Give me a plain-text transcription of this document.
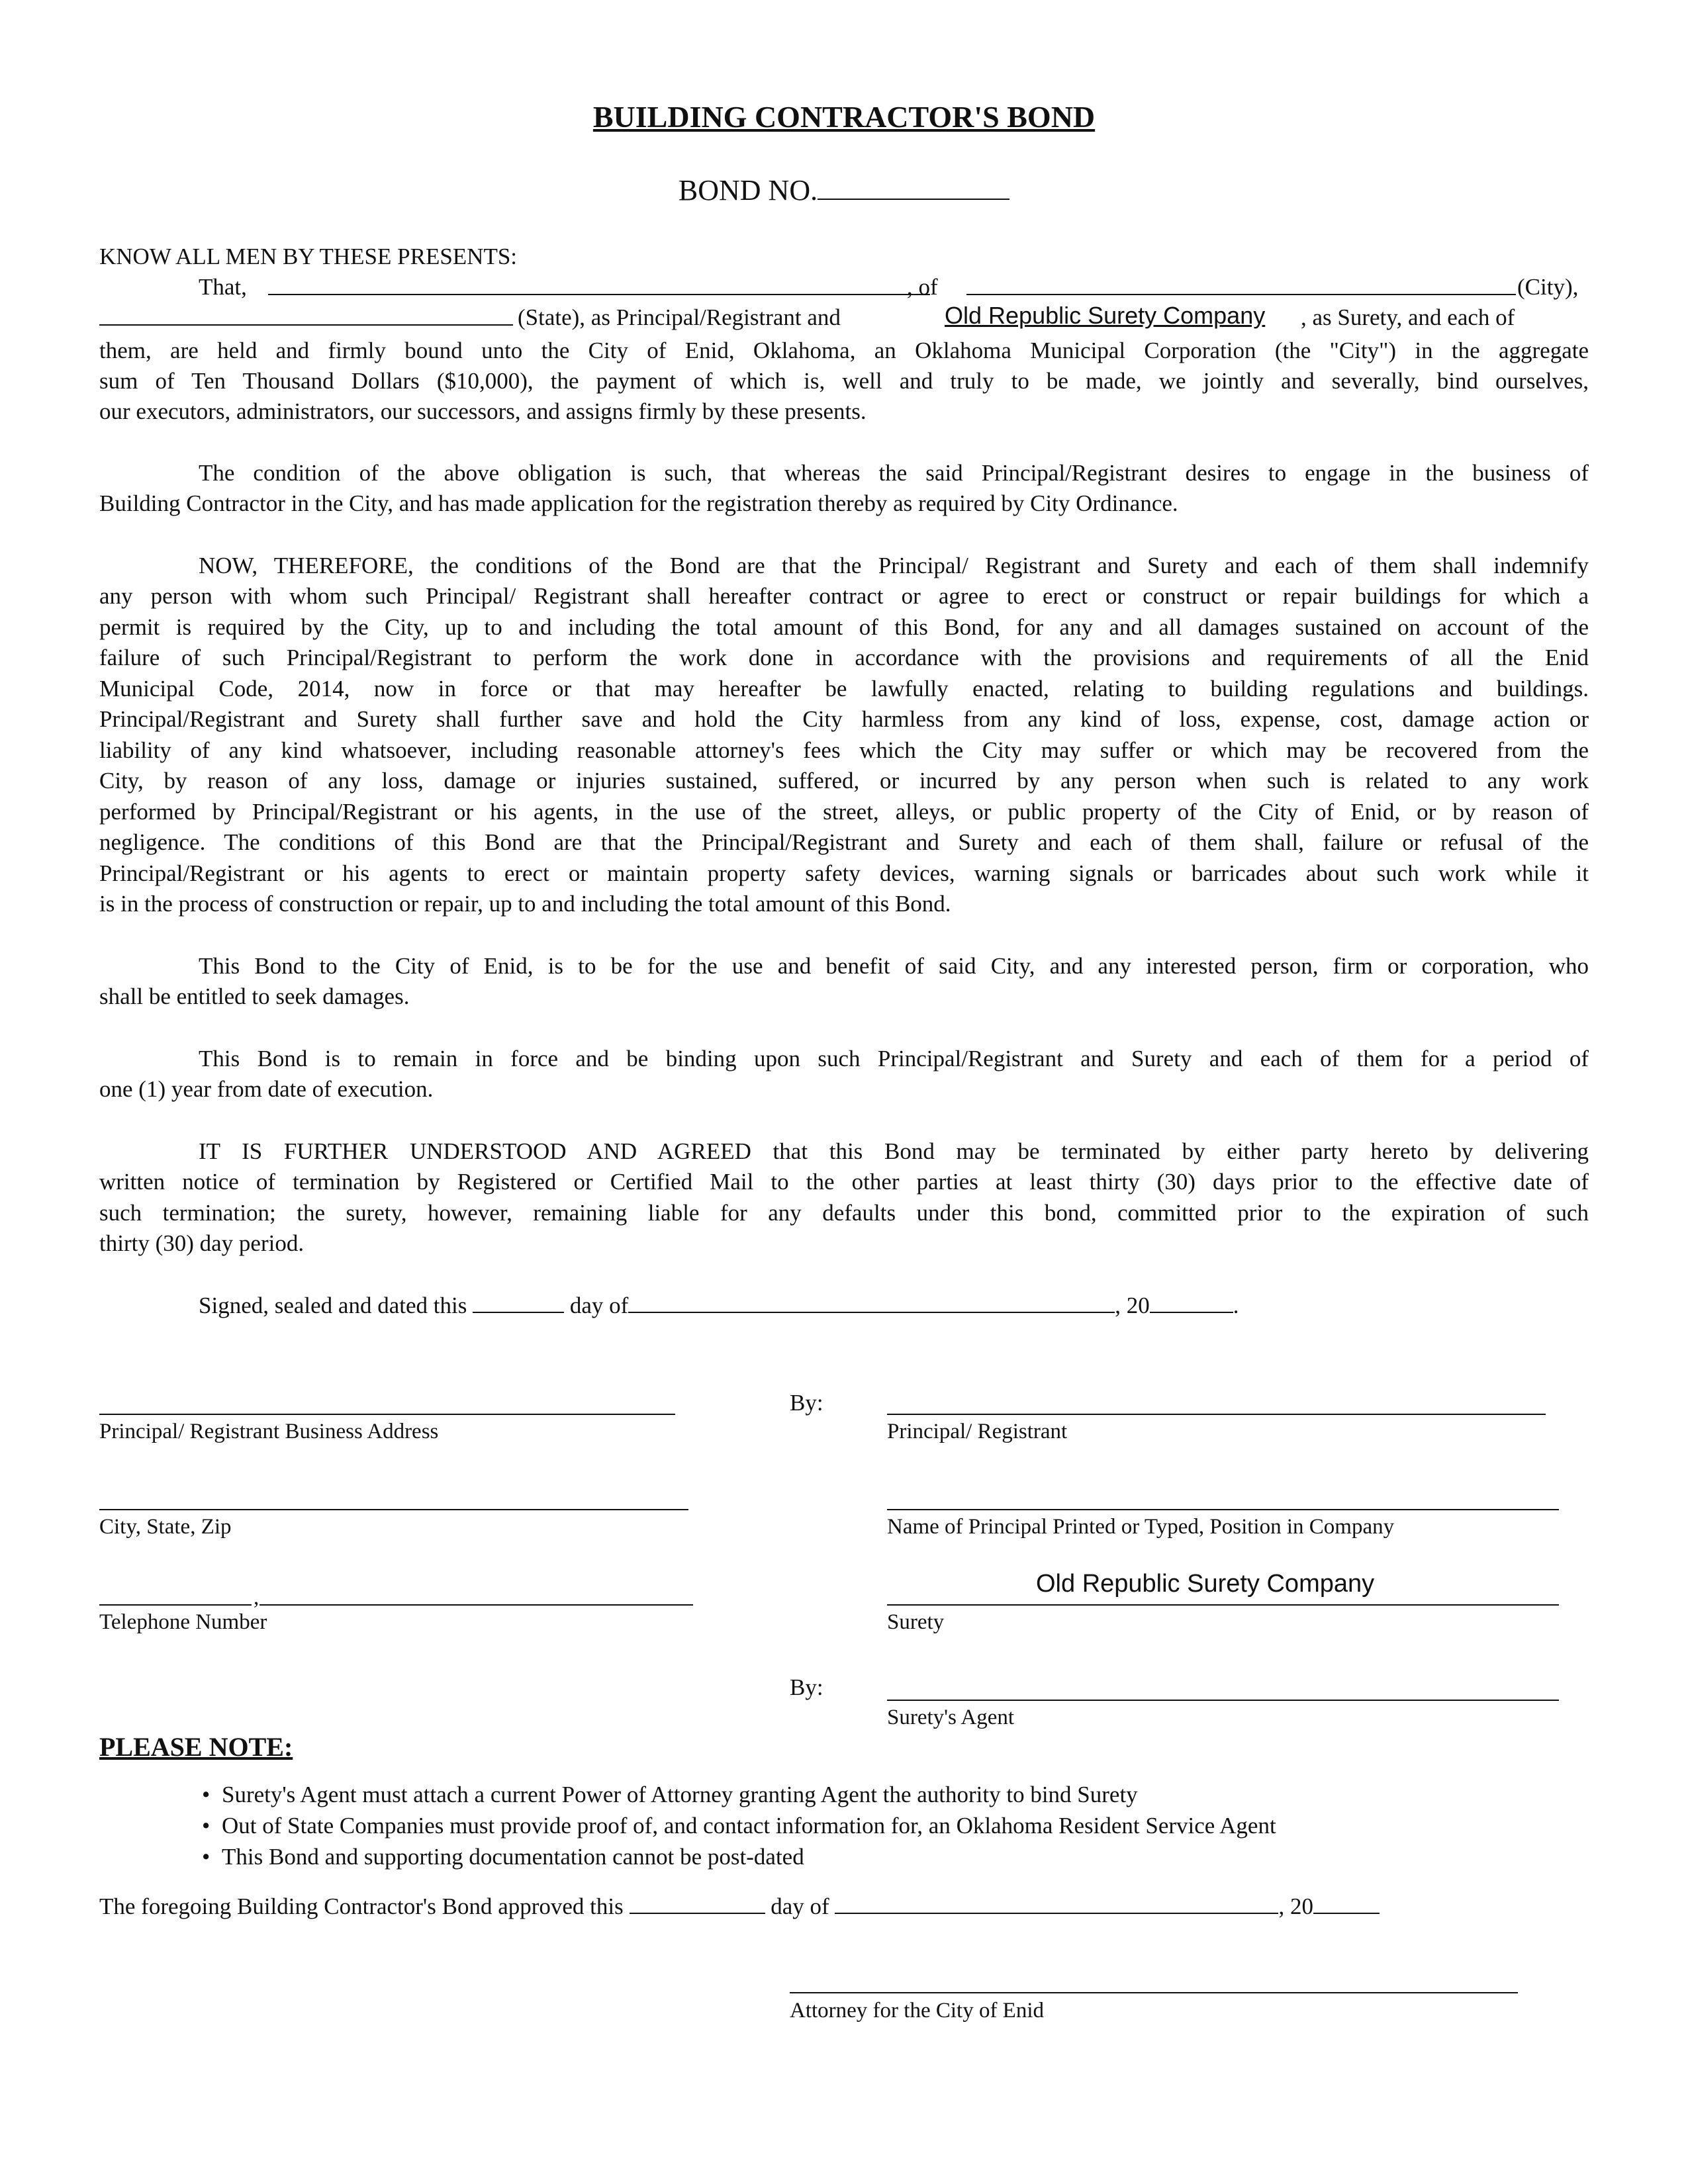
BUILDING CONTRACTOR'S BOND
BOND NO.
KNOW ALL MEN BY THESE PRESENTS:
That,	, of	(City),
(State), as Principal/Registrant and	Old Republic Surety Company , as Surety, and each of
them, are held and firmly bound unto the City of Enid, Oklahoma, an Oklahoma Municipal Corporation (the "City") in the aggregate
sum of Ten Thousand Dollars ($10,000), the payment of which is, well and truly to be made, we jointly and severally, bind ourselves,
our executors, administrators, our successors, and assigns firmly by these presents.
The condition of the above obligation is such, that whereas the said Principal/Registrant desires to engage in the business of
Building Contractor in the City, and has made application for the registration thereby as required by City Ordinance.
NOW, THEREFORE, the conditions of the Bond are that the Principal/ Registrant and Surety and each of them shall indemnify
any person with whom such Principal/ Registrant shall hereafter contract or agree to erect or construct or repair buildings for which a
permit is required by the City, up to and including the total amount of this Bond, for any and all damages sustained on account of the
failure of such Principal/Registrant to perform the work done in accordance with the provisions and requirements of all the Enid
Municipal Code, 2014, now in force or that may hereafter be lawfully enacted, relating to building regulations and buildings.
Principal/Registrant and Surety shall further save and hold the City harmless from any kind of loss, expense, cost, damage action or
liability of any kind whatsoever, including reasonable attorney's fees which the City may suffer or which may be recovered from the
City, by reason of any loss, damage or injuries sustained, suffered, or incurred by any person when such is related to any work
performed by Principal/Registrant or his agents, in the use of the street, alleys, or public property of the City of Enid, or by reason of
negligence. The conditions of this Bond are that the Principal/Registrant and Surety and each of them shall, failure or refusal of the
Principal/Registrant or his agents to erect or maintain property safety devices, warning signals or barricades about such work while it
is in the process of construction or repair, up to and including the total amount of this Bond.
This Bond to the City of Enid, is to be for the use and benefit of said City, and any interested person, firm or corporation, who
shall be entitled to seek damages.
This Bond is to remain in force and be binding upon such Principal/Registrant and Surety and each of them for a period of
one (1) year from date of execution.
IT IS FURTHER UNDERSTOOD AND AGREED that this Bond may be terminated by either party hereto by delivering
written notice of termination by Registered or Certified Mail to the other parties at least thirty (30) days prior to the effective date of
such termination; the surety, however, remaining liable for any defaults under this bond, committed prior to the expiration of such
thirty (30) day period.
Signed, sealed and dated this	day of	, 20	.
Principal/ Registrant Business Address
By:
Principal/ Registrant
City, State, Zip	Name of Principal Printed or Typed, Position in Company
,
Telephone Number
Old Republic Surety Company
Surety
By:
Surety's Agent
PLEASE NOTE:
• Surety's Agent must attach a current Power of Attorney granting Agent the authority to bind Surety
• Out of State Companies must provide proof of, and contact information for, an Oklahoma Resident Service Agent
• This Bond and supporting documentation cannot be post-dated
The foregoing Building Contractor's Bond approved this	day of	, 20
Attorney for the City of Enid
